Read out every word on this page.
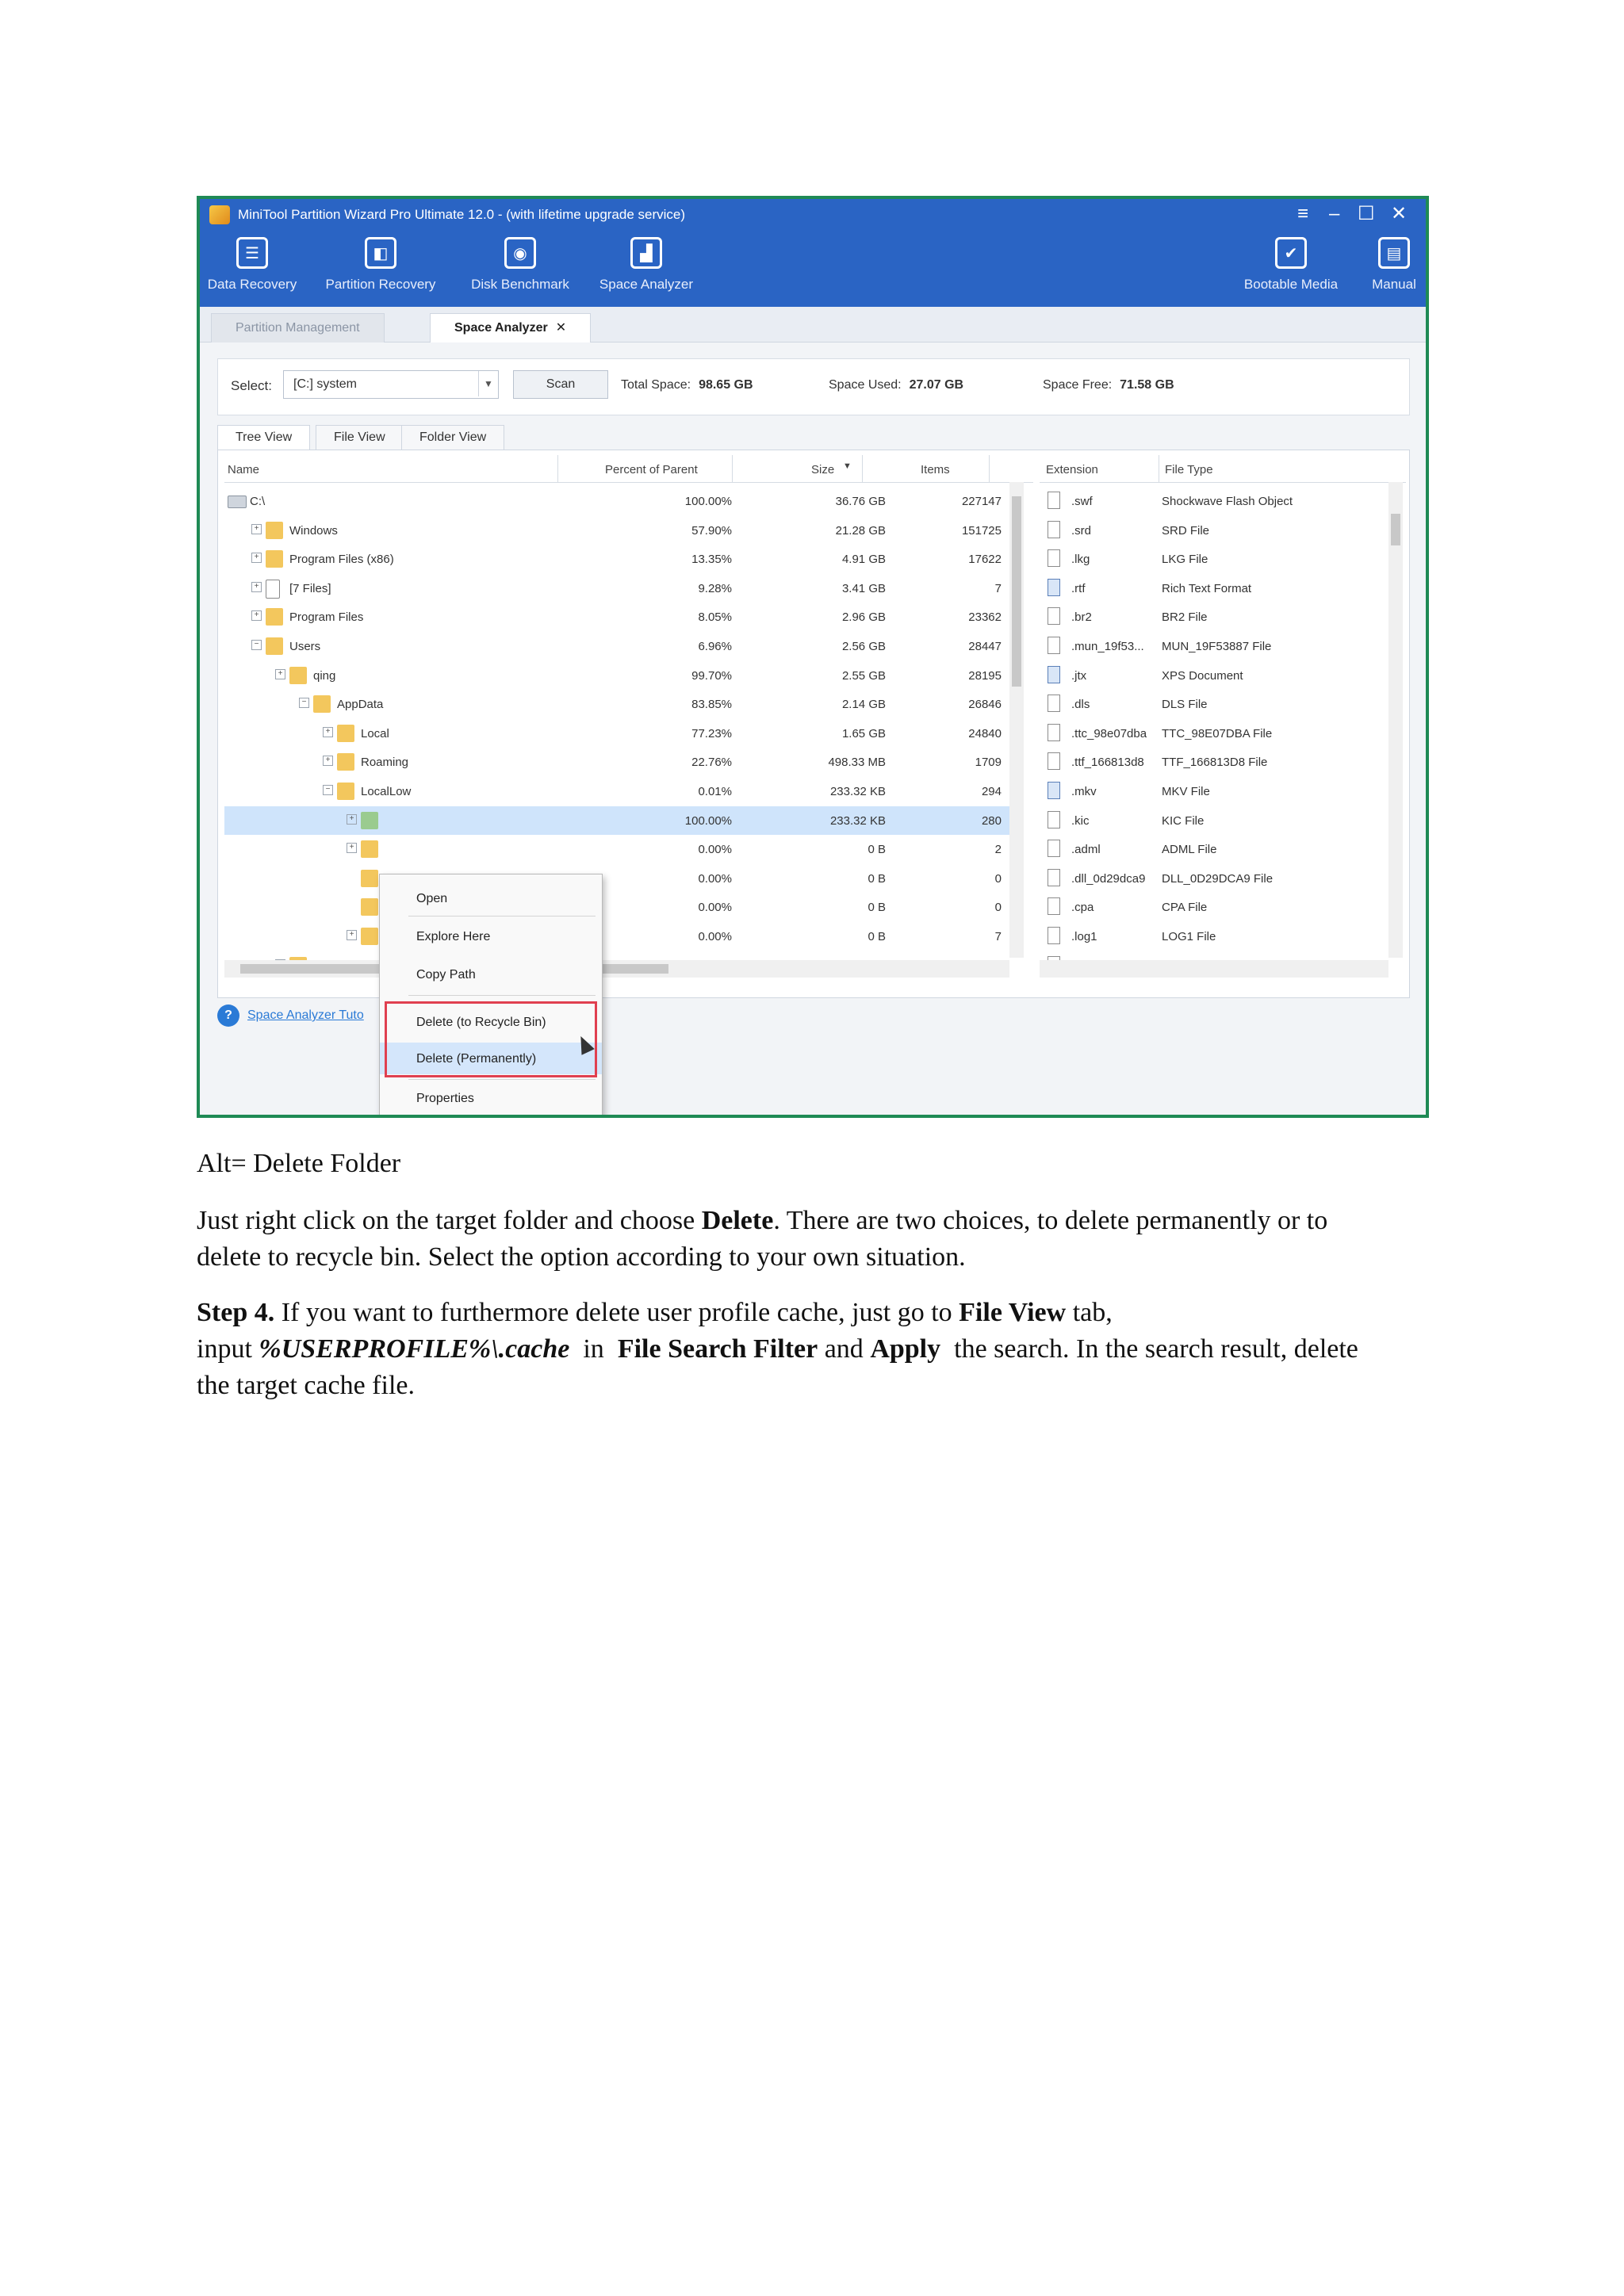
MiniTool Partition Wizard Pro Ultimate 12.0 - (with lifetime upgrade service)	≡ – ☐ ✕
☰
Data Recovery
◧
Partition Recovery
◉
Disk Benchmark
▟
Space Analyzer
✔
Bootable Media
▤
Manual
Partition Management	Space Analyzer ✕
Select: [C:] system	▼	Scan	Total Space: 98.65 GB	Space Used: 27.07 GB	Space Free: 71.58 GB
Tree View	File View	Folder View
Name	Percent of Parent	Size ▼	Items
C:\	100.00%	36.76 GB	227147
+	Windows	57.90%	21.28 GB	151725
+	Program Files (x86)	13.35%	4.91 GB	17622
+	[7 Files]	9.28%	3.41 GB	7
+	Program Files	8.05%	2.96 GB	23362
−	Users	6.96%	2.56 GB	28447
+	qing	99.70%	2.55 GB	28195
−	AppData	83.85%	2.14 GB	26846
+	Local	77.23%	1.65 GB	24840
+	Roaming	22.76%	498.33 MB	1709
−	LocalLow	0.01%	233.32 KB	294
+	100.00%	233.32 KB	280
+	0.00%	0 B	2
0.00%	0 B	0
0.00%	0 B	0
+	0.00%	0 B	7
Extension	File Type
.swf	Shockwave Flash Object
.srd	SRD File
.lkg	LKG File
.rtf	Rich Text Format
.br2	BR2 File
.mun_19f53... MUN_19F53887 File
.jtx	XPS Document
.dls	DLS File
.ttc_98e07dba TTC_98E07DBA File
.ttf_166813d8 TTF_166813D8 File
.mkv	MKV File
.kic	KIC File
.adml	ADML File
.dll_0d29dca9 DLL_0D29DCA9 File
.cpa	CPA File
.log1	LOG1 File
? Space Analyzer Tuto
Open
Explore Here
Copy Path
Delete (to Recycle Bin)
Delete (Permanently)
Properties
Alt= Delete Folder
Just right click on the target folder and choose Delete. There are two choices, to delete permanently or to
delete to recycle bin. Select the option according to your own situation.
Step 4. If you want to furthermore delete user profile cache, just go to File View tab,
input %USERPROFILE%\.cache  in  File Search Filter and Apply  the search. In the search result, delete
the target cache file.
